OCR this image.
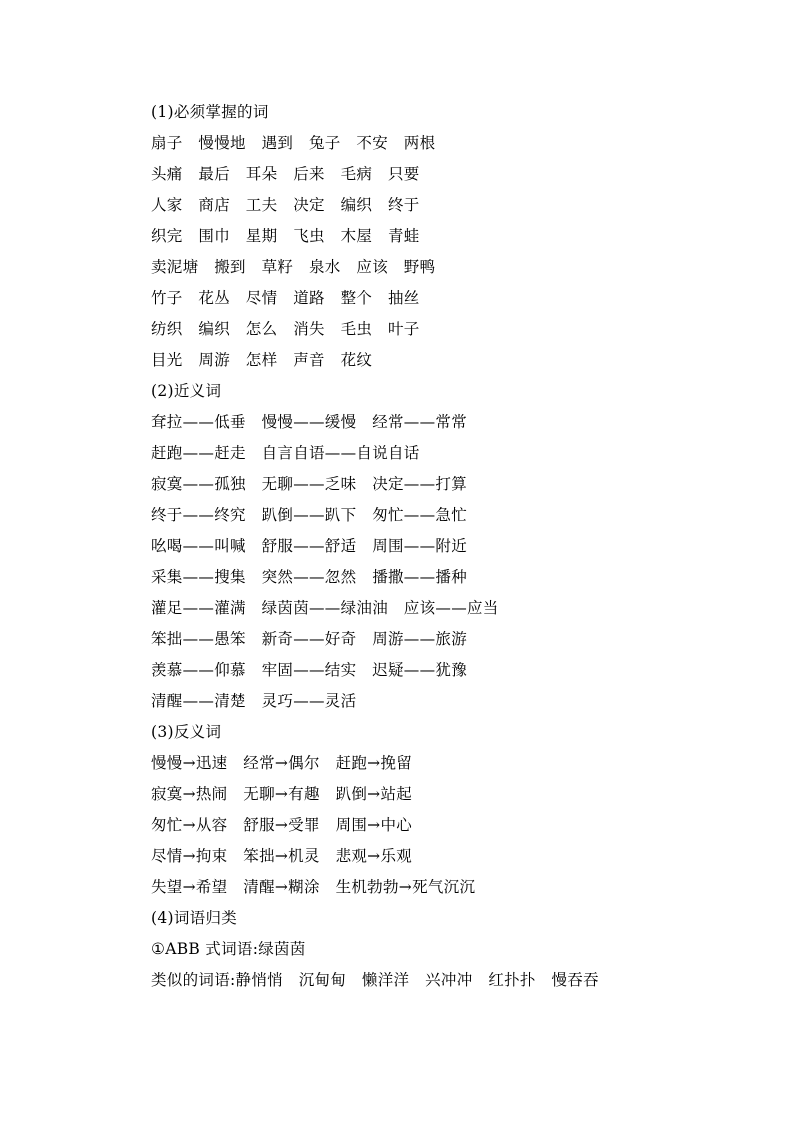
(1)必须掌握的词
扇子　慢慢地　遇到　兔子　不安　两根
头痛　最后　耳朵　后来　毛病　只要
人家　商店　工夫　决定　编织　终于
织完　围巾　星期　飞虫　木屋　青蛙
卖泥塘　搬到　草籽　泉水　应该　野鸭
竹子　花丛　尽情　道路　整个　抽丝
纺织　编织　怎么　消失　毛虫　叶子
目光　周游　怎样　声音　花纹
(2)近义词
耷拉——低垂　慢慢——缓慢　经常——常常
赶跑——赶走　自言自语——自说自话
寂寞——孤独　无聊——乏味　决定——打算
终于——终究　趴倒——趴下　匆忙——急忙
吆喝——叫喊　舒服——舒适　周围——附近
采集——搜集　突然——忽然　播撒——播种
灌足——灌满　绿茵茵——绿油油　应该——应当
笨拙——愚笨　新奇——好奇　周游——旅游
羡慕——仰慕　牢固——结实　迟疑——犹豫
清醒——清楚　灵巧——灵活
(3)反义词
慢慢→迅速　经常→偶尔　赶跑→挽留
寂寞→热闹　无聊→有趣　趴倒→站起
匆忙→从容　舒服→受罪　周围→中心
尽情→拘束　笨拙→机灵　悲观→乐观
失望→希望　清醒→糊涂　生机勃勃→死气沉沉
(4)词语归类
①ABB 式词语:绿茵茵
类似的词语:静悄悄　沉甸甸　懒洋洋　兴冲冲　红扑扑　慢吞吞
